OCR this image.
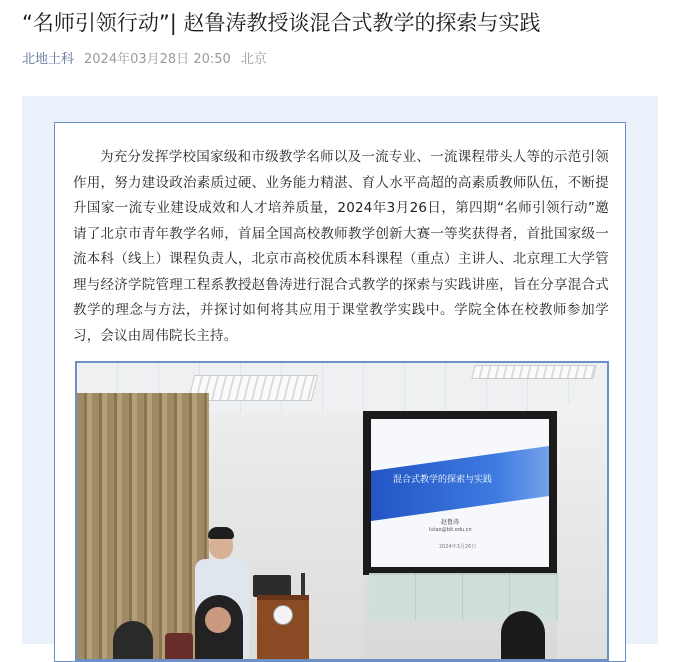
“名师引领行动”| 赵鲁涛教授谈混合式教学的探索与实践
北地土科 2024年03月28日 20:50 北京

为充分发挥学校国家级和市级教学名师以及一流专业、一流课程带头人等的示范引领作用，努力建设政治素质过硬、业务能力精湛、育人水平高超的高素质教师队伍，不断提升国家一流专业建设成效和人才培养质量，2024年3月26日，第四期“名师引领行动”邀请了北京市青年教学名师，首届全国高校教师教学创新大赛一等奖获得者，首批国家级一流本科（线上）课程负责人，北京市高校优质本科课程（重点）主讲人、北京理工大学管理与经济学院管理工程系教授赵鲁涛进行混合式教学的探索与实践讲座，旨在分享混合式教学的理念与方法，并探讨如何将其应用于课堂教学实践中。学院全体在校教师参加学习，会议由周伟院长主持。

混合式教学的探索与实践
赵鲁涛
lutao@bit.edu.cn
2024年3月26日
